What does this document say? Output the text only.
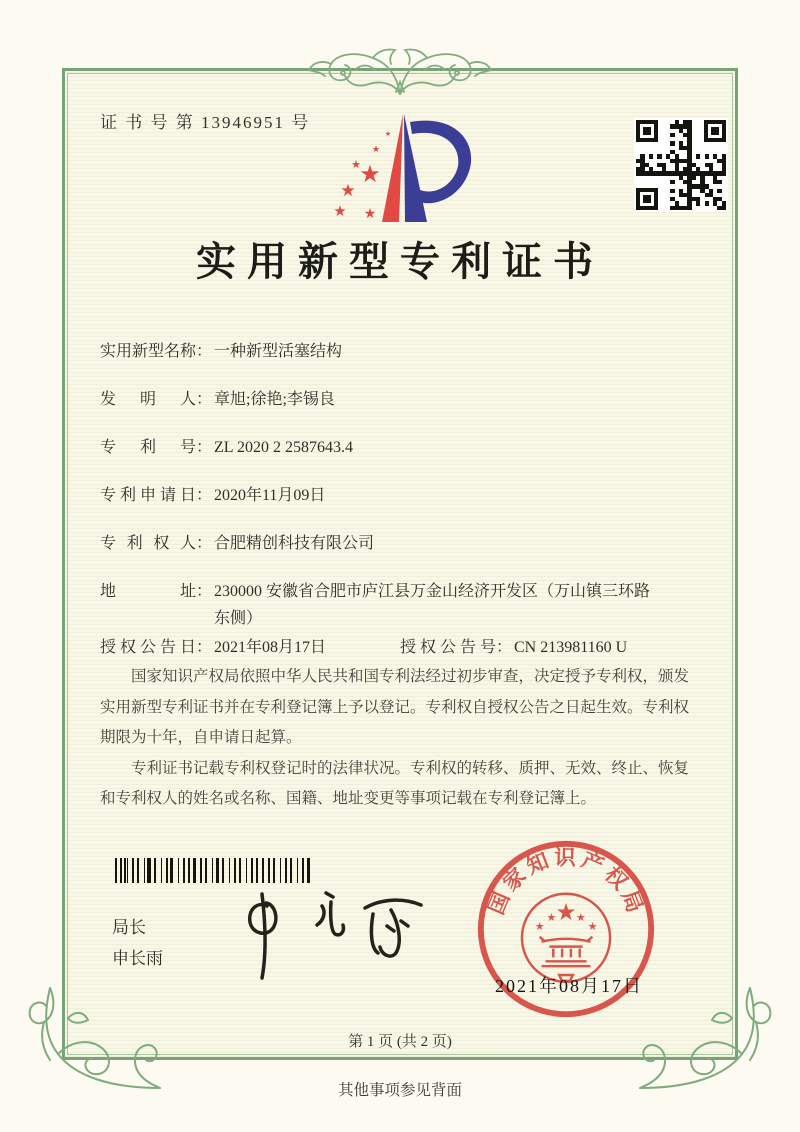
证 书 号 第 13946951 号
★
★
★ ★
★
★
★
实用新型专利证书
实用新型名称 ： 一种新型活塞结构
发明人 ： 章旭;徐艳;李锡良
专利号 ： ZL 2020 2 2587643.4
专利申请日 ： 2020年11月09日
专利权人 ： 合肥精创科技有限公司
地址 ： 230000 安徽省合肥市庐江县万金山经济开发区（万山镇三环路东侧）
授权公告日 ： 2021年08月17日	授权公告号 ： CN 213981160 U

国家知识产权局依照中华人民共和国专利法经过初步审查，决定授予专利权，颁发实用新型专利证书并在专利登记簿上予以登记。专利权自授权公告之日起生效。专利权期限为十年，自申请日起算。

专利证书记载专利权登记时的法律状况。专利权的转移、质押、无效、终止、恢复和专利权人的姓名或名称、国籍、地址变更等事项记载在专利登记簿上。

局长
申长雨
国家知识产权局
★
★
★ ★
★
2021年08月17日
第 1 页 (共 2 页)
其他事项参见背面
